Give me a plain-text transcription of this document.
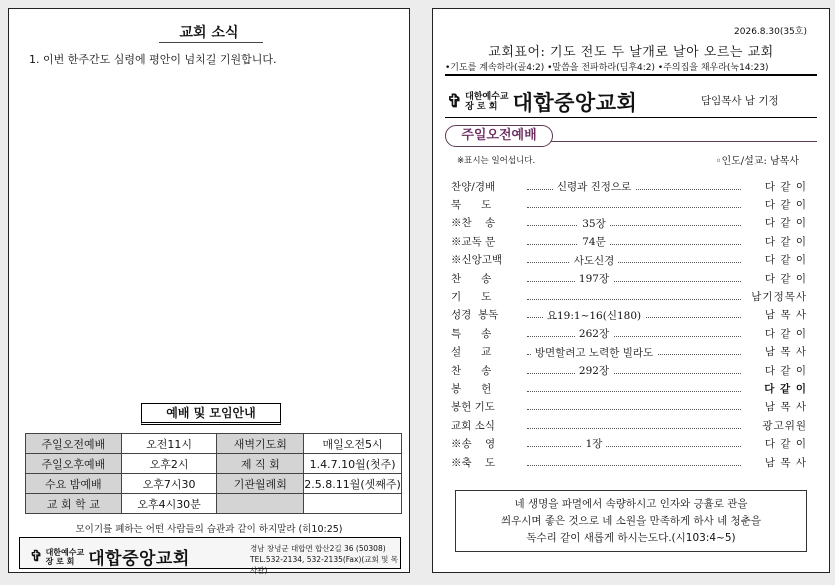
교회 소식
1. 이번 한주간도 심령에 평안이 넘치길 기원합니다.
예배 및 모임안내
주일오전예배	오전11시	새벽기도회	매일오전5시
주일오후예배	오후2시	제 직 회	1.4.7.10월(첫주)
수요 밤예배	오후7시30	기관월례회	2.5.8.11월(셋째주)
교 회 학 교	오후4시30분		
모이기를 폐하는 어떤 사람들의 습관과 같이 하지말라 (히10:25)
✞ 대한예수교
장 로 회 대합중앙교회
경남 창녕군 대합면 합산2길 36 (50308)
TEL.532-2134, 532-2135(Fax)(교회 및 목사관)
2026.8.30(35호)
교회표어: 기도 전도 두 날개로 날아 오르는 교회
•기도를 계속하라(골4:2) •말씀을 전파하라(딤후4:2) •주의집을 채우라(눅14:23)
✞ 대한예수교
장 로 회 대합중앙교회	담임목사 남 기정
주일오전예배
※표시는 일어섭니다.	◦인도/설교: 남목사
찬양/경배	신령과 진정으로	다 같 이
묵      도	다 같 이
※찬    송	35장	다 같 이
※교독 문	74문	다 같 이
※신앙고백	사도신경	다 같 이
찬      송	197장	다 같 이
기      도	남기정목사
성경  봉독	요19:1~16(신180)	남 목 사
특      송	262장	다 같 이
설      교	방면할려고 노력한 빌라도	남 목 사
찬      송	292장	다 같 이
봉      헌	다 같 이
봉헌 기도	남 목 사
교회 소식	광고위원
※송    영	1장	다 같 이
※축    도	남 목 사
네 생명을 파멸에서 속량하시고 인자와 긍휼로 관을
씌우시며 좋은 것으로 네 소원을 만족하게 하사 네 청춘을
독수리 같이 새롭게 하시는도다.(시103:4~5)
